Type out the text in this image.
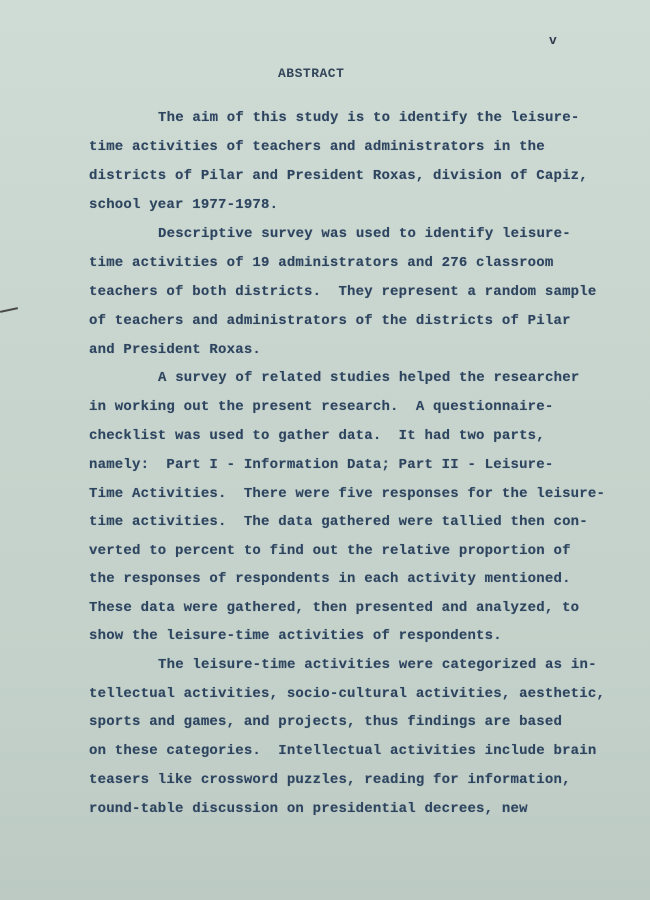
v
ABSTRACT
The aim of this study is to identify the leisure-
time activities of teachers and administrators in the
districts of Pilar and President Roxas, division of Capiz,
school year 1977-1978.
Descriptive survey was used to identify leisure-
time activities of 19 administrators and 276 classroom
teachers of both districts.  They represent a random sample
of teachers and administrators of the districts of Pilar
and President Roxas.
A survey of related studies helped the researcher
in working out the present research.  A questionnaire-
checklist was used to gather data.  It had two parts,
namely:  Part I - Information Data; Part II - Leisure-
Time Activities.  There were five responses for the leisure-
time activities.  The data gathered were tallied then con-
verted to percent to find out the relative proportion of
the responses of respondents in each activity mentioned.
These data were gathered, then presented and analyzed, to
show the leisure-time activities of respondents.
The leisure-time activities were categorized as in-
tellectual activities, socio-cultural activities, aesthetic,
sports and games, and projects, thus findings are based
on these categories.  Intellectual activities include brain
teasers like crossword puzzles, reading for information,
round-table discussion on presidential decrees, new
